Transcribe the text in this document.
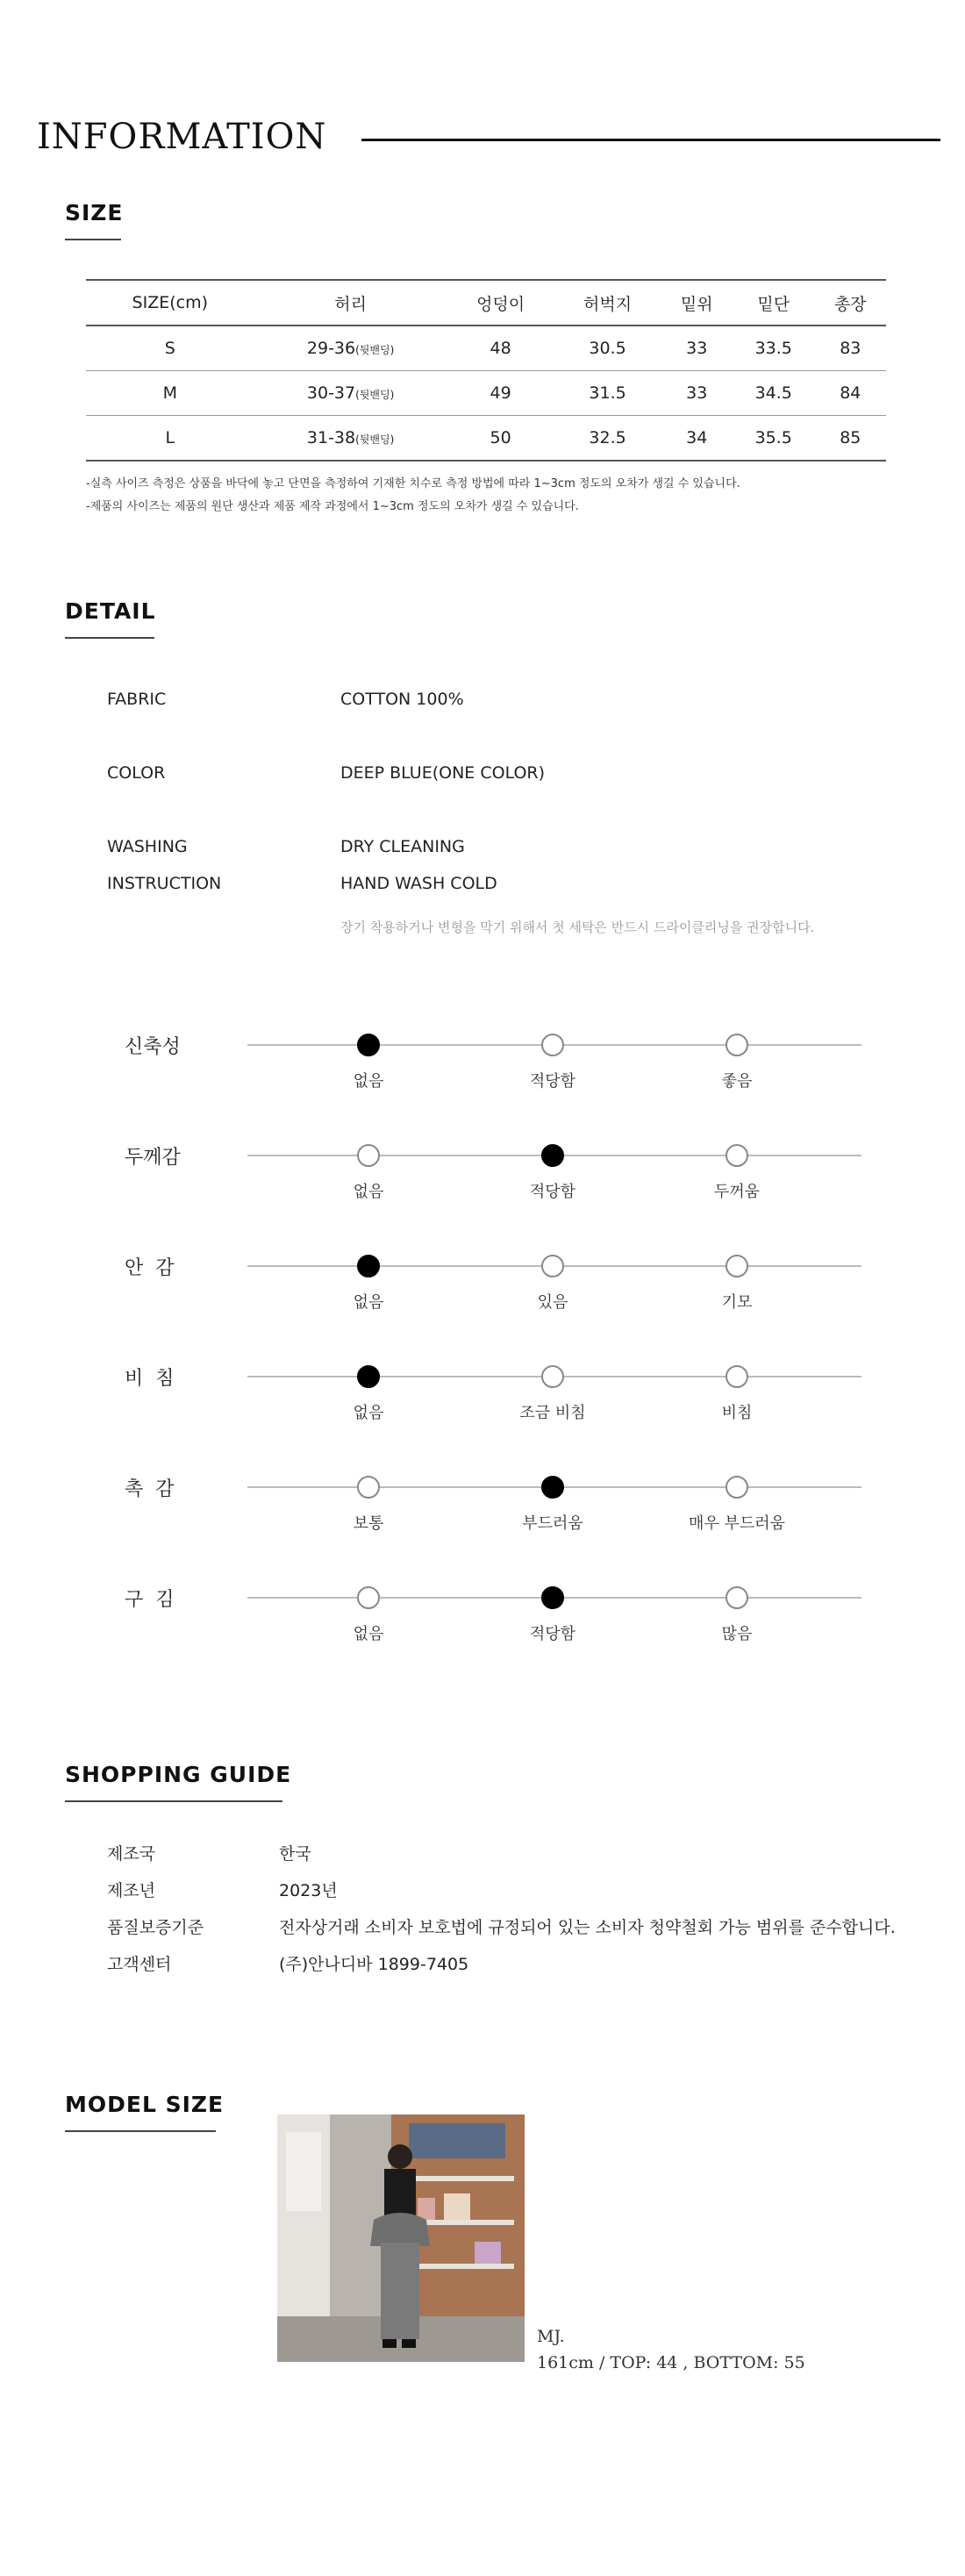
INFORMATION
SIZE
SIZE(cm)	허리	엉덩이	허벅지	밑위	밑단	총장
S	29-36(뒷밴딩)	48	30.5	33	33.5	83
M	30-37(뒷밴딩)	49	31.5	33	34.5	84
L	31-38(뒷밴딩)	50	32.5	34	35.5	85
-실측 사이즈 측정은 상품을 바닥에 놓고 단면을 측정하여 기재한 치수로 측정 방법에 따라 1~3cm 정도의 오차가 생길 수 있습니다.
-제품의 사이즈는 제품의 원단 생산과 제품 제작 과정에서 1~3cm 정도의 오차가 생길 수 있습니다.
DETAIL
FABRIC	COTTON 100%
COLOR	DEEP BLUE(ONE COLOR)
WASHING	DRY CLEANING
INSTRUCTION	HAND WASH COLD
장기 착용하거나 변형을 막기 위해서 첫 세탁은 반드시 드라이클리닝을 권장합니다.
신축성
없음	적당함	좋음
두께감
없음	적당함	두꺼움
안  감
없음	있음	기모
비  침
없음	조금 비침	비침
촉  감
보통	부드러움	매우 부드러움
구  김
없음	적당함	많음
SHOPPING GUIDE
제조국	한국
제조년	2023년
품질보증기준	전자상거래 소비자 보호법에 규정되어 있는 소비자 청약철회 가능 범위를 준수합니다.
고객센터	(주)안나디바 1899-7405
MODEL SIZE
MJ.
161cm / TOP: 44 , BOTTOM: 55
